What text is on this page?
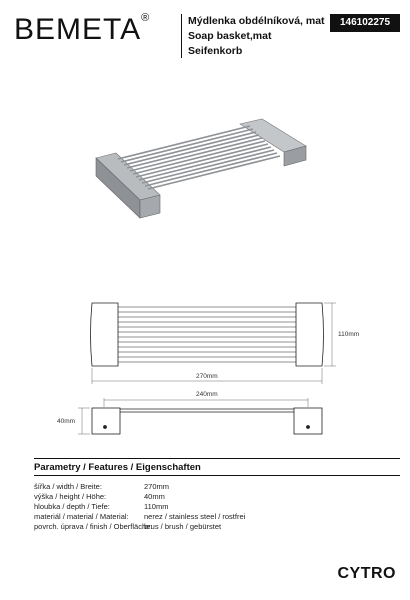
BEMETA®	Mýdlenka obdélníková, mat
Soap basket,mat
Seifenkorb
146102275
110mm
270mm
240mm
40mm
Parametry / Features / Eigenschaften
šířka / width / Breite:	270mm
výška / height / Höhe:	40mm
hloubka / depth / Tiefe:	110mm
materiál / material / Material:	nerez / stainless steel / rostfrei
povrch. úprava / finish / Oberfläche:
brus / brush / gebürstet
CYTRO
